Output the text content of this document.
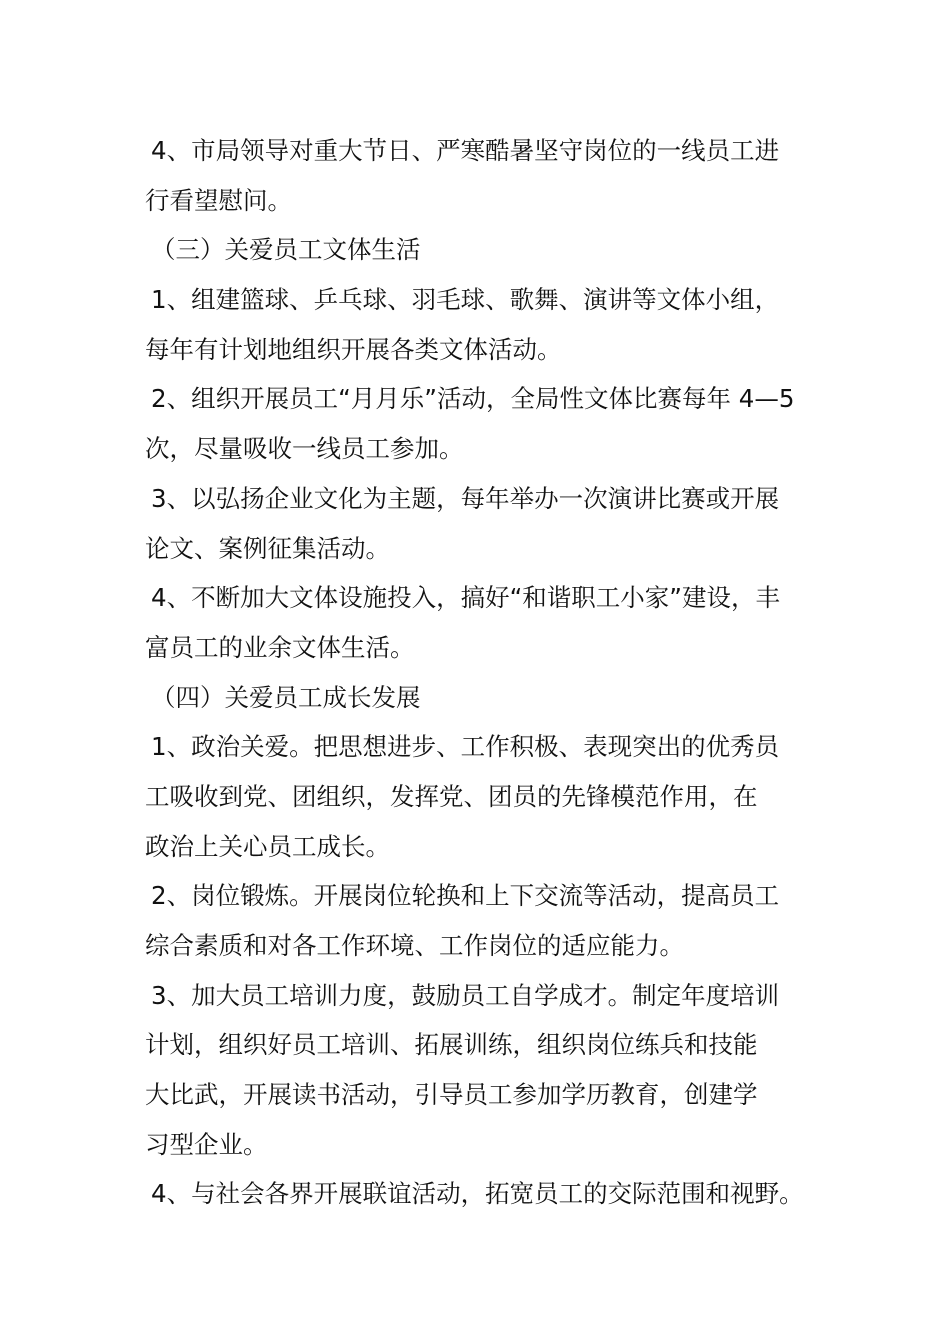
4、市局领导对重大节日、严寒酷暑坚守岗位的一线员工进
行看望慰问。
（三）关爱员工文体生活
1、组建篮球、乒乓球、羽毛球、歌舞、演讲等文体小组，
每年有计划地组织开展各类文体活动。
2、组织开展员工“月月乐”活动，全局性文体比赛每年 4—5
次，尽量吸收一线员工参加。
3、以弘扬企业文化为主题，每年举办一次演讲比赛或开展
论文、案例征集活动。
4、不断加大文体设施投入，搞好“和谐职工小家”建设，丰
富员工的业余文体生活。
（四）关爱员工成长发展
1、政治关爱。把思想进步、工作积极、表现突出的优秀员
工吸收到党、团组织，发挥党、团员的先锋模范作用，在
政治上关心员工成长。
2、岗位锻炼。开展岗位轮换和上下交流等活动，提高员工
综合素质和对各工作环境、工作岗位的适应能力。
3、加大员工培训力度，鼓励员工自学成才。制定年度培训
计划，组织好员工培训、拓展训练，组织岗位练兵和技能
大比武，开展读书活动，引导员工参加学历教育，创建学
习型企业。
4、与社会各界开展联谊活动，拓宽员工的交际范围和视野。
